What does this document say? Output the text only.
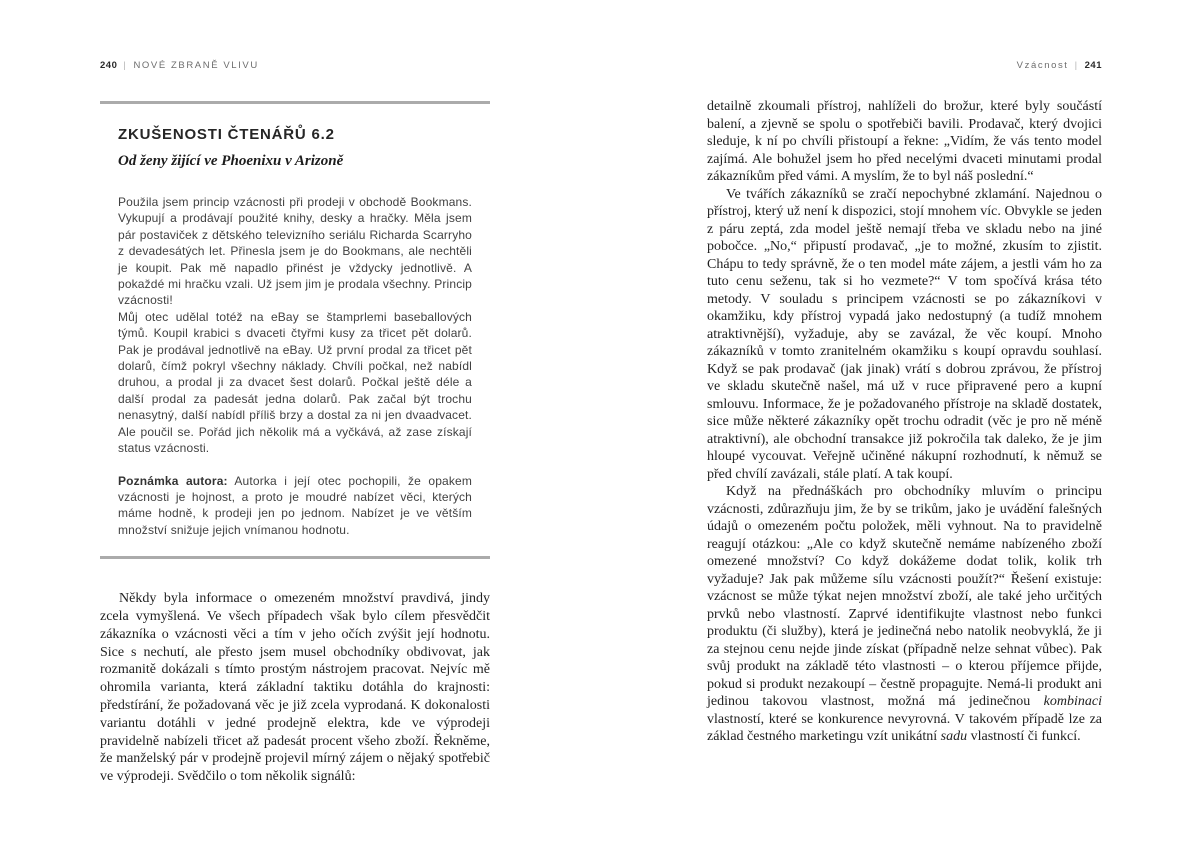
240 | NOVÉ ZBRANĚ VLIVU
ZKUŠENOSTI ČTENÁŘŮ 6.2
Od ženy žijící ve Phoenixu v Arizoně

Použila jsem princip vzácnosti při prodeji v obchodě Bookmans. Vykupují a prodávají použité knihy, desky a hračky. Měla jsem pár postaviček z dětského televizního seriálu Richarda Scarryho z devadesátých let. Přinesla jsem je do Bookmans, ale nechtěli je koupit. Pak mě napadlo přinést je vždycky jednotlivě. A pokaždé mi hračku vzali. Už jsem jim je prodala všechny. Princip vzácnosti!

Můj otec udělal totéž na eBay se štamprlemi baseballových týmů. Koupil krabici s dvaceti čtyřmi kusy za třicet pět dolarů. Pak je prodával jednotlivě na eBay. Už první prodal za třicet pět dolarů, čímž pokryl všechny náklady. Chvíli počkal, než nabídl druhou, a prodal ji za dvacet šest dolarů. Počkal ještě déle a další prodal za padesát jedna dolarů. Pak začal být trochu nenasytný, další nabídl příliš brzy a dostal za ni jen dvaadvacet. Ale poučil se. Pořád jich několik má a vyčkává, až zase získají status vzácnosti.

Poznámka autora: Autorka i její otec pochopili, že opakem vzácnosti je hojnost, a proto je moudré nabízet věci, kterých máme hodně, k prodeji jen po jednom. Nabízet je ve větším množství snižuje jejich vnímanou hodnotu.

Někdy byla informace o omezeném množství pravdivá, jindy zcela vymyšlená. Ve všech případech však bylo cílem přesvědčit zákazníka o vzácnosti věci a tím v jeho očích zvýšit její hodnotu. Sice s nechutí, ale přesto jsem musel obchodníky obdivovat, jak rozmanitě dokázali s tímto prostým nástrojem pracovat. Nejvíc mě ohromila varianta, která základní taktiku dotáhla do krajnosti: předstírání, že požadovaná věc je již zcela vyprodaná. K dokonalosti variantu dotáhli v jedné prodejně elektra, kde ve výprodeji pravidelně nabízeli třicet až padesát procent všeho zboží. Řekněme, že manželský pár v prodejně projevil mírný zájem o nějaký spotřebič ve výprodeji. Svědčilo o tom několik signálů:

Vzácnost | 241

detailně zkoumali přístroj, nahlíželi do brožur, které byly součástí balení, a zjevně se spolu o spotřebiči bavili. Prodavač, který dvojici sleduje, k ní po chvíli přistoupí a řekne: „Vidím, že vás tento model zajímá. Ale bohužel jsem ho před necelými dvaceti minutami prodal zákazníkům před vámi. A myslím, že to byl náš poslední.“

Ve tvářích zákazníků se zračí nepochybné zklamání. Najednou o přístroj, který už není k dispozici, stojí mnohem víc. Obvykle se jeden z páru zeptá, zda model ještě nemají třeba ve skladu nebo na jiné pobočce. „No,“ připustí prodavač, „je to možné, zkusím to zjistit. Chápu to tedy správně, že o ten model máte zájem, a jestli vám ho za tuto cenu seženu, tak si ho vezmete?“ V tom spočívá krása této metody. V souladu s principem vzácnosti se po zákazníkovi v okamžiku, kdy přístroj vypadá jako nedostupný (a tudíž mnohem atraktivnější), vyžaduje, aby se zavázal, že věc koupí. Mnoho zákazníků v tomto zranitelném okamžiku s koupí opravdu souhlasí. Když se pak prodavač (jak jinak) vrátí s dobrou zprávou, že přístroj ve skladu skutečně našel, má už v ruce připravené pero a kupní smlouvu. Informace, že je požadovaného přístroje na skladě dostatek, sice může některé zákazníky opět trochu odradit (věc je pro ně méně atraktivní), ale obchodní transakce již pokročila tak daleko, že je jim hloupé vycouvat. Veřejně učiněné nákupní rozhodnutí, k němuž se před chvílí zavázali, stále platí. A tak koupí.

Když na přednáškách pro obchodníky mluvím o principu vzácnosti, zdůrazňuju jim, že by se trikům, jako je uvádění falešných údajů o omezeném počtu položek, měli vyhnout. Na to pravidelně reagují otázkou: „Ale co když skutečně nemáme nabízeného zboží omezené množství? Co když dokážeme dodat tolik, kolik trh vyžaduje? Jak pak můžeme sílu vzácnosti použít?“ Řešení existuje: vzácnost se může týkat nejen množství zboží, ale také jeho určitých prvků nebo vlastností. Zaprvé identifikujte vlastnost nebo funkci produktu (či služby), která je jedinečná nebo natolik neobvyklá, že ji za stejnou cenu nejde jinde získat (případně nelze sehnat vůbec). Pak svůj produkt na základě této vlastnosti – o kterou příjemce přijde, pokud si produkt nezakoupí – čestně propagujte. Nemá-li produkt ani jedinou takovou vlastnost, možná má jedinečnou kombinaci vlastností, které se konkurence nevyrovná. V takovém případě lze za základ čestného marketingu vzít unikátní sadu vlastností či funkcí.
